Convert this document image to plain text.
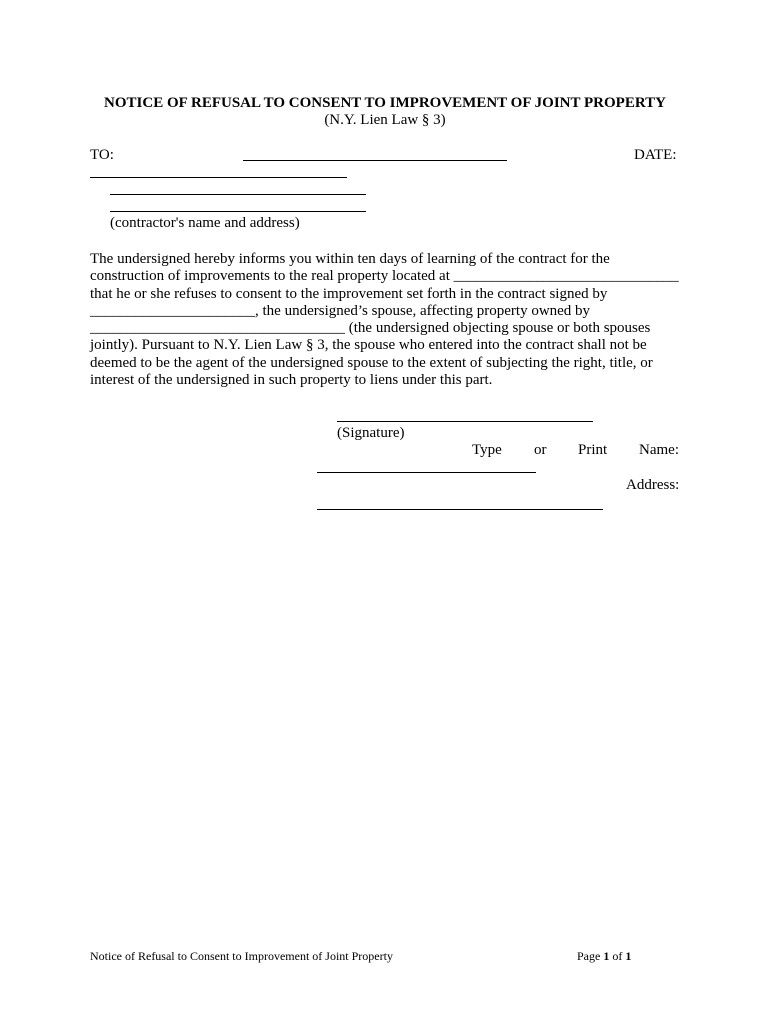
NOTICE OF REFUSAL TO CONSENT TO IMPROVEMENT OF JOINT PROPERTY
(N.Y. Lien Law § 3)
TO:	DATE:
(contractor's name and address)
The undersigned hereby informs you within ten days of learning of the contract for the
construction of improvements to the real property located at ______________________________
that he or she refuses to consent to the improvement set forth in the contract signed by
______________________, the undersigned’s spouse, affecting property owned by
__________________________________ (the undersigned objecting spouse or both spouses
jointly). Pursuant to N.Y. Lien Law § 3, the spouse who entered into the contract shall not be
deemed to be the agent of the undersigned spouse to the extent of subjecting the right, title, or
interest of the undersigned in such property to liens under this part.
(Signature)
Type or Print Name:
Address:
Notice of Refusal to Consent to Improvement of Joint Property	Page 1 of 1
